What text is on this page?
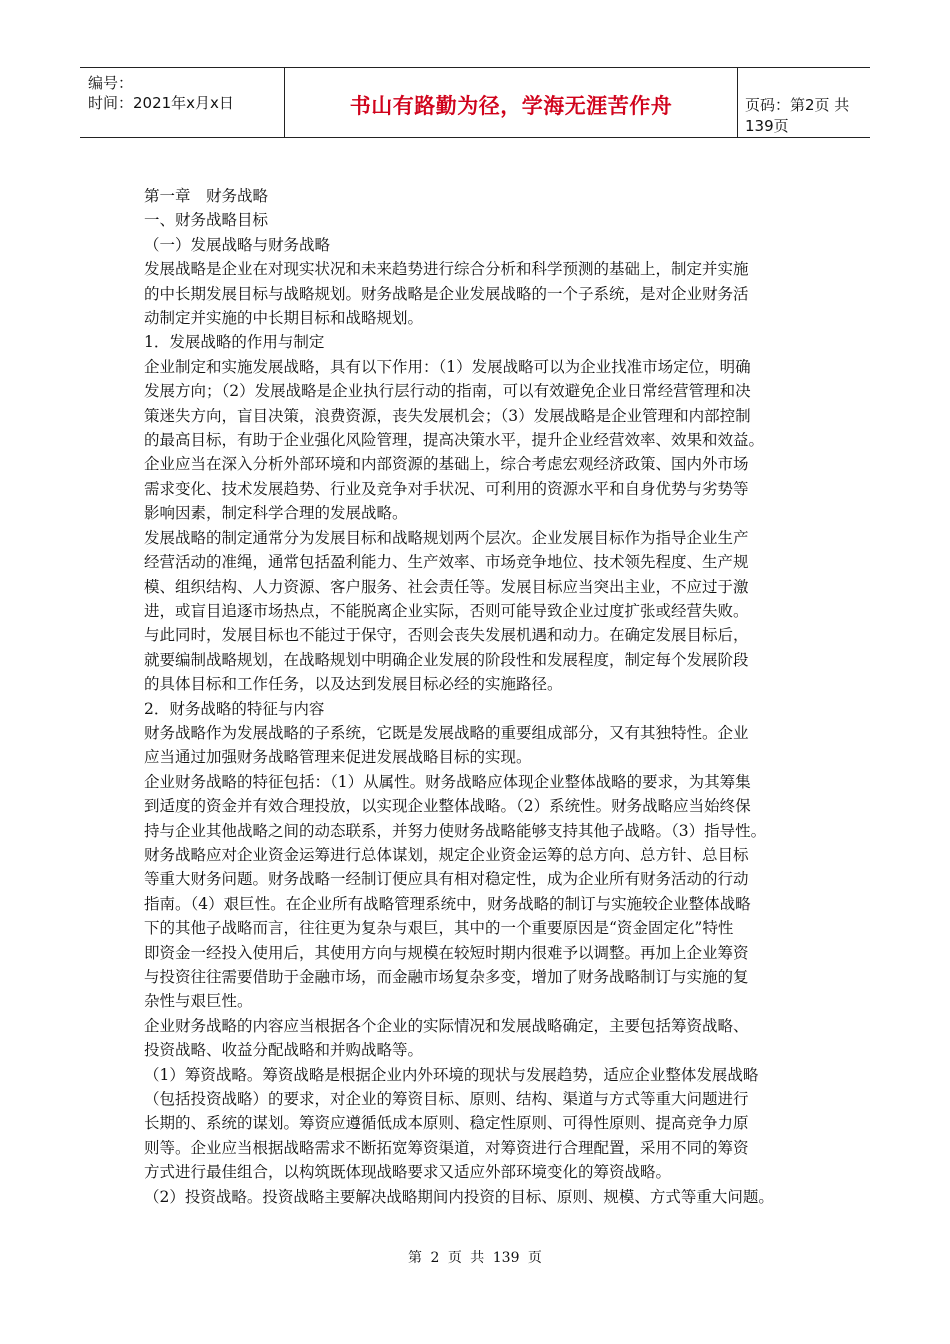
编号：
时间：2021年x月x日	书山有路勤为径，学海无涯苦作舟	页码：第2页 共139页

第一章　财务战略

一、财务战略目标

（一）发展战略与财务战略

发展战略是企业在对现实状况和未来趋势进行综合分析和科学预测的基础上，制定并实施

的中长期发展目标与战略规划。财务战略是企业发展战略的一个子系统，是对企业财务活

动制定并实施的中长期目标和战略规划。

1．发展战略的作用与制定

企业制定和实施发展战略，具有以下作用：（1）发展战略可以为企业找准市场定位，明确

发展方向；（2）发展战略是企业执行层行动的指南，可以有效避免企业日常经营管理和决

策迷失方向，盲目决策，浪费资源，丧失发展机会；（3）发展战略是企业管理和内部控制

的最高目标，有助于企业强化风险管理，提高决策水平，提升企业经营效率、效果和效益。

企业应当在深入分析外部环境和内部资源的基础上，综合考虑宏观经济政策、国内外市场

需求变化、技术发展趋势、行业及竞争对手状况、可利用的资源水平和自身优势与劣势等

影响因素，制定科学合理的发展战略。

发展战略的制定通常分为发展目标和战略规划两个层次。企业发展目标作为指导企业生产

经营活动的准绳，通常包括盈利能力、生产效率、市场竞争地位、技术领先程度、生产规

模、组织结构、人力资源、客户服务、社会责任等。发展目标应当突出主业，不应过于激

进，或盲目追逐市场热点，不能脱离企业实际，否则可能导致企业过度扩张或经营失败。

与此同时，发展目标也不能过于保守，否则会丧失发展机遇和动力。在确定发展目标后，

就要编制战略规划，在战略规划中明确企业发展的阶段性和发展程度，制定每个发展阶段

的具体目标和工作任务，以及达到发展目标必经的实施路径。

2．财务战略的特征与内容

财务战略作为发展战略的子系统，它既是发展战略的重要组成部分，又有其独特性。企业

应当通过加强财务战略管理来促进发展战略目标的实现。

企业财务战略的特征包括：（1）从属性。财务战略应体现企业整体战略的要求，为其筹集

到适度的资金并有效合理投放，以实现企业整体战略。（2）系统性。财务战略应当始终保

持与企业其他战略之间的动态联系，并努力使财务战略能够支持其他子战略。（3）指导性。

财务战略应对企业资金运筹进行总体谋划，规定企业资金运筹的总方向、总方针、总目标

等重大财务问题。财务战略一经制订便应具有相对稳定性，成为企业所有财务活动的行动

指南。（4）艰巨性。在企业所有战略管理系统中，财务战略的制订与实施较企业整体战略

下的其他子战略而言，往往更为复杂与艰巨，其中的一个重要原因是“资金固定化”特性

即资金一经投入使用后，其使用方向与规模在较短时期内很难予以调整。再加上企业筹资

与投资往往需要借助于金融市场，而金融市场复杂多变，增加了财务战略制订与实施的复

杂性与艰巨性。

企业财务战略的内容应当根据各个企业的实际情况和发展战略确定，主要包括筹资战略、

投资战略、收益分配战略和并购战略等。

（1）筹资战略。筹资战略是根据企业内外环境的现状与发展趋势，适应企业整体发展战略

（包括投资战略）的要求，对企业的筹资目标、原则、结构、渠道与方式等重大问题进行

长期的、系统的谋划。筹资应遵循低成本原则、稳定性原则、可得性原则、提高竞争力原

则等。企业应当根据战略需求不断拓宽筹资渠道，对筹资进行合理配置，采用不同的筹资

方式进行最佳组合，以构筑既体现战略要求又适应外部环境变化的筹资战略。

（2）投资战略。投资战略主要解决战略期间内投资的目标、原则、规模、方式等重大问题。

第 2 页 共 139 页
